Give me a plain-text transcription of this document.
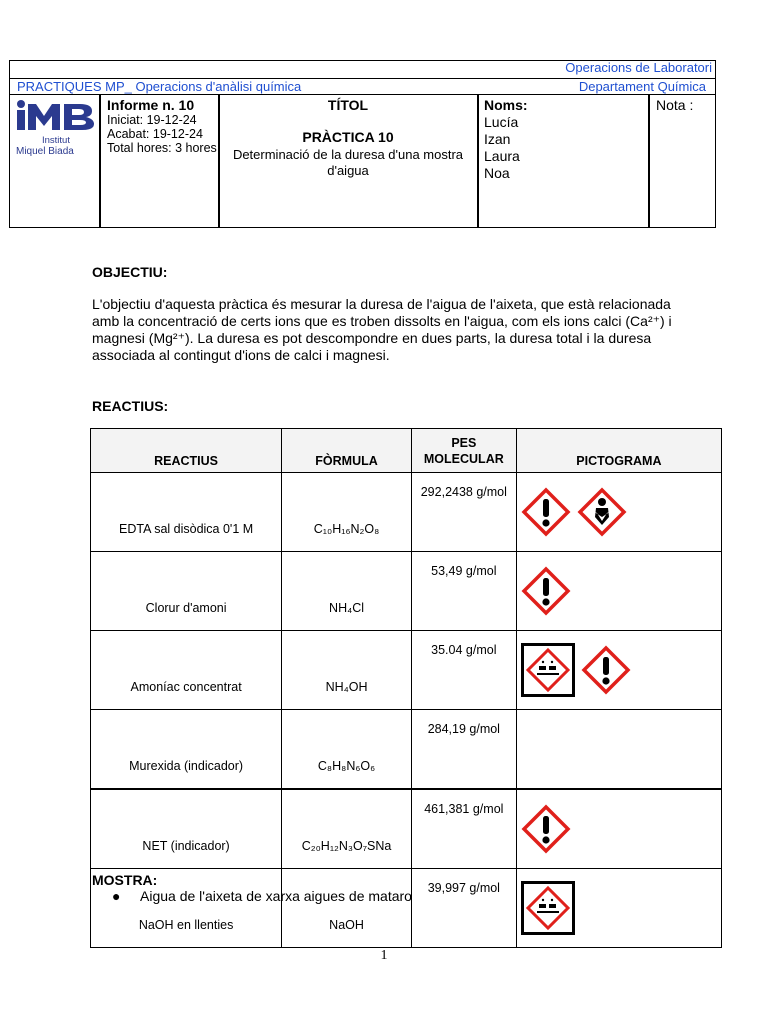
Operacions de Laboratori
PRACTIQUES MP_ Operacions d'anàlisi química	Departament Química
Institut
Miquel Biada
Informe n. 10
Iniciat: 19-12-24
Acabat: 19-12-24
Total hores: 3 hores
TÍTOL
PRÀCTICA 10
Determinació de la duresa d'una mostra d'aigua
Noms:
Lucía
Izan
Laura
Noa
Nota :
OBJECTIU:
L'objectiu d'aquesta pràctica és mesurar la duresa de l'aigua de l'aixeta, que està relacionada amb la concentració de certs ions que es troben dissolts en l'aigua, com els ions calci (Ca²⁺) i magnesi (Mg²⁺). La duresa es pot descompondre en dues parts, la duresa total i la duresa associada al contingut d'ions de calci i magnesi.
REACTIUS:
REACTIUS	FÒRMULA	PES MOLECULAR	PICTOGRAMA
EDTA sal disòdica 0'1 M	C₁₀H₁₆N₂O₈	292,2438 g/mol	
Clorur d'amoni	NH₄Cl	53,49 g/mol	
Amoníac concentrat	NH₄OH	35.04 g/mol	
Murexida (indicador)	C₈H₈N₆O₆	284,19 g/mol	
NET (indicador)	C₂₀H₁₂N₃O₇SNa	461,381 g/mol	
NaOH en llenties	NaOH	39,997 g/mol	
MOSTRA:
● Aigua de l'aixeta de xarxa aigues de mataro
1
